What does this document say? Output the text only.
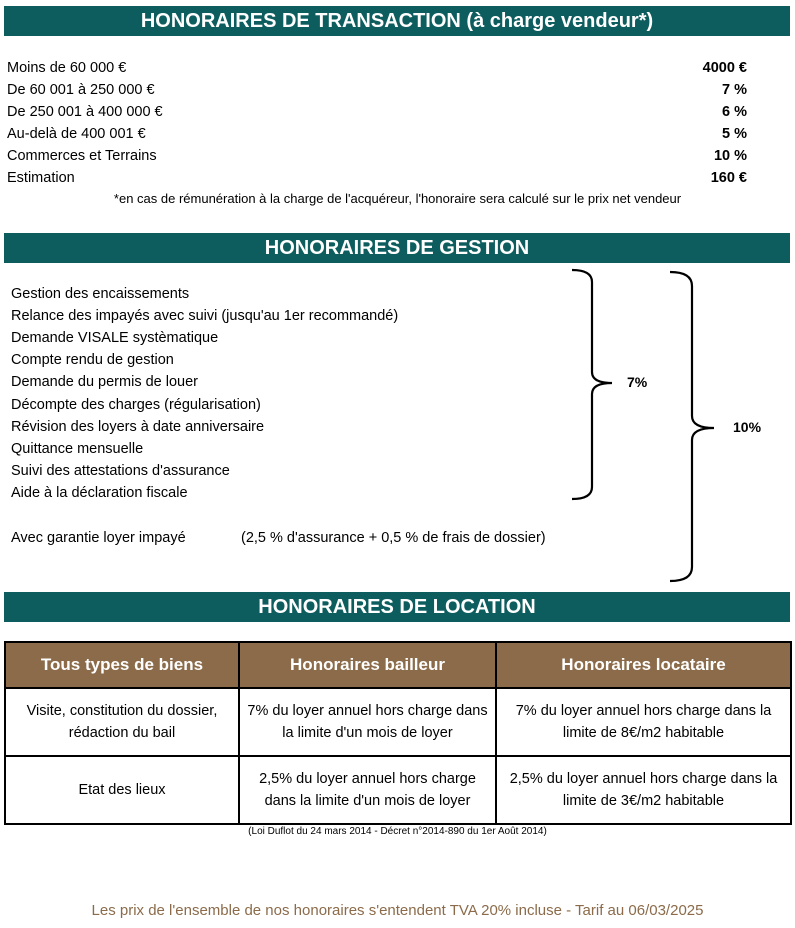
HONORAIRES DE TRANSACTION (à charge vendeur*)
Moins de 60 000 €	4000 €
De 60 001 à 250 000 €	7 %
De 250 001 à 400 000 €	6 %
Au-delà de 400 001 €	5 %
Commerces et Terrains	10 %
Estimation	160 €
*en cas de rémunération à la charge de l'acquéreur, l'honoraire sera calculé sur le prix net vendeur
HONORAIRES DE GESTION
Gestion des encaissements
Relance des impayés avec suivi (jusqu'au 1er recommandé)
Demande VISALE systèmatique
Compte rendu de gestion
Demande du permis de louer
Décompte des charges (régularisation)
Révision des loyers à date anniversaire
Quittance mensuelle
Suivi des attestations d'assurance
Aide à la déclaration fiscale
Avec garantie loyer impayé	(2,5 % d'assurance + 0,5 % de frais de dossier)
7%
10%
HONORAIRES DE LOCATION
Tous types de biens	Honoraires bailleur	Honoraires locataire
Visite, constitution du dossier, rédaction du bail	7% du loyer annuel hors charge dans la limite d'un mois de loyer	7% du loyer annuel hors charge dans la limite de 8€/m2 habitable
Etat des lieux	2,5% du loyer annuel hors charge dans la limite d'un mois de loyer	2,5% du loyer annuel hors charge dans la limite de 3€/m2 habitable
(Loi Duflot du 24 mars 2014 - Décret n°2014-890 du 1er Août 2014)
Les prix de l'ensemble de nos honoraires s'entendent TVA 20% incluse - Tarif au 06/03/2025
